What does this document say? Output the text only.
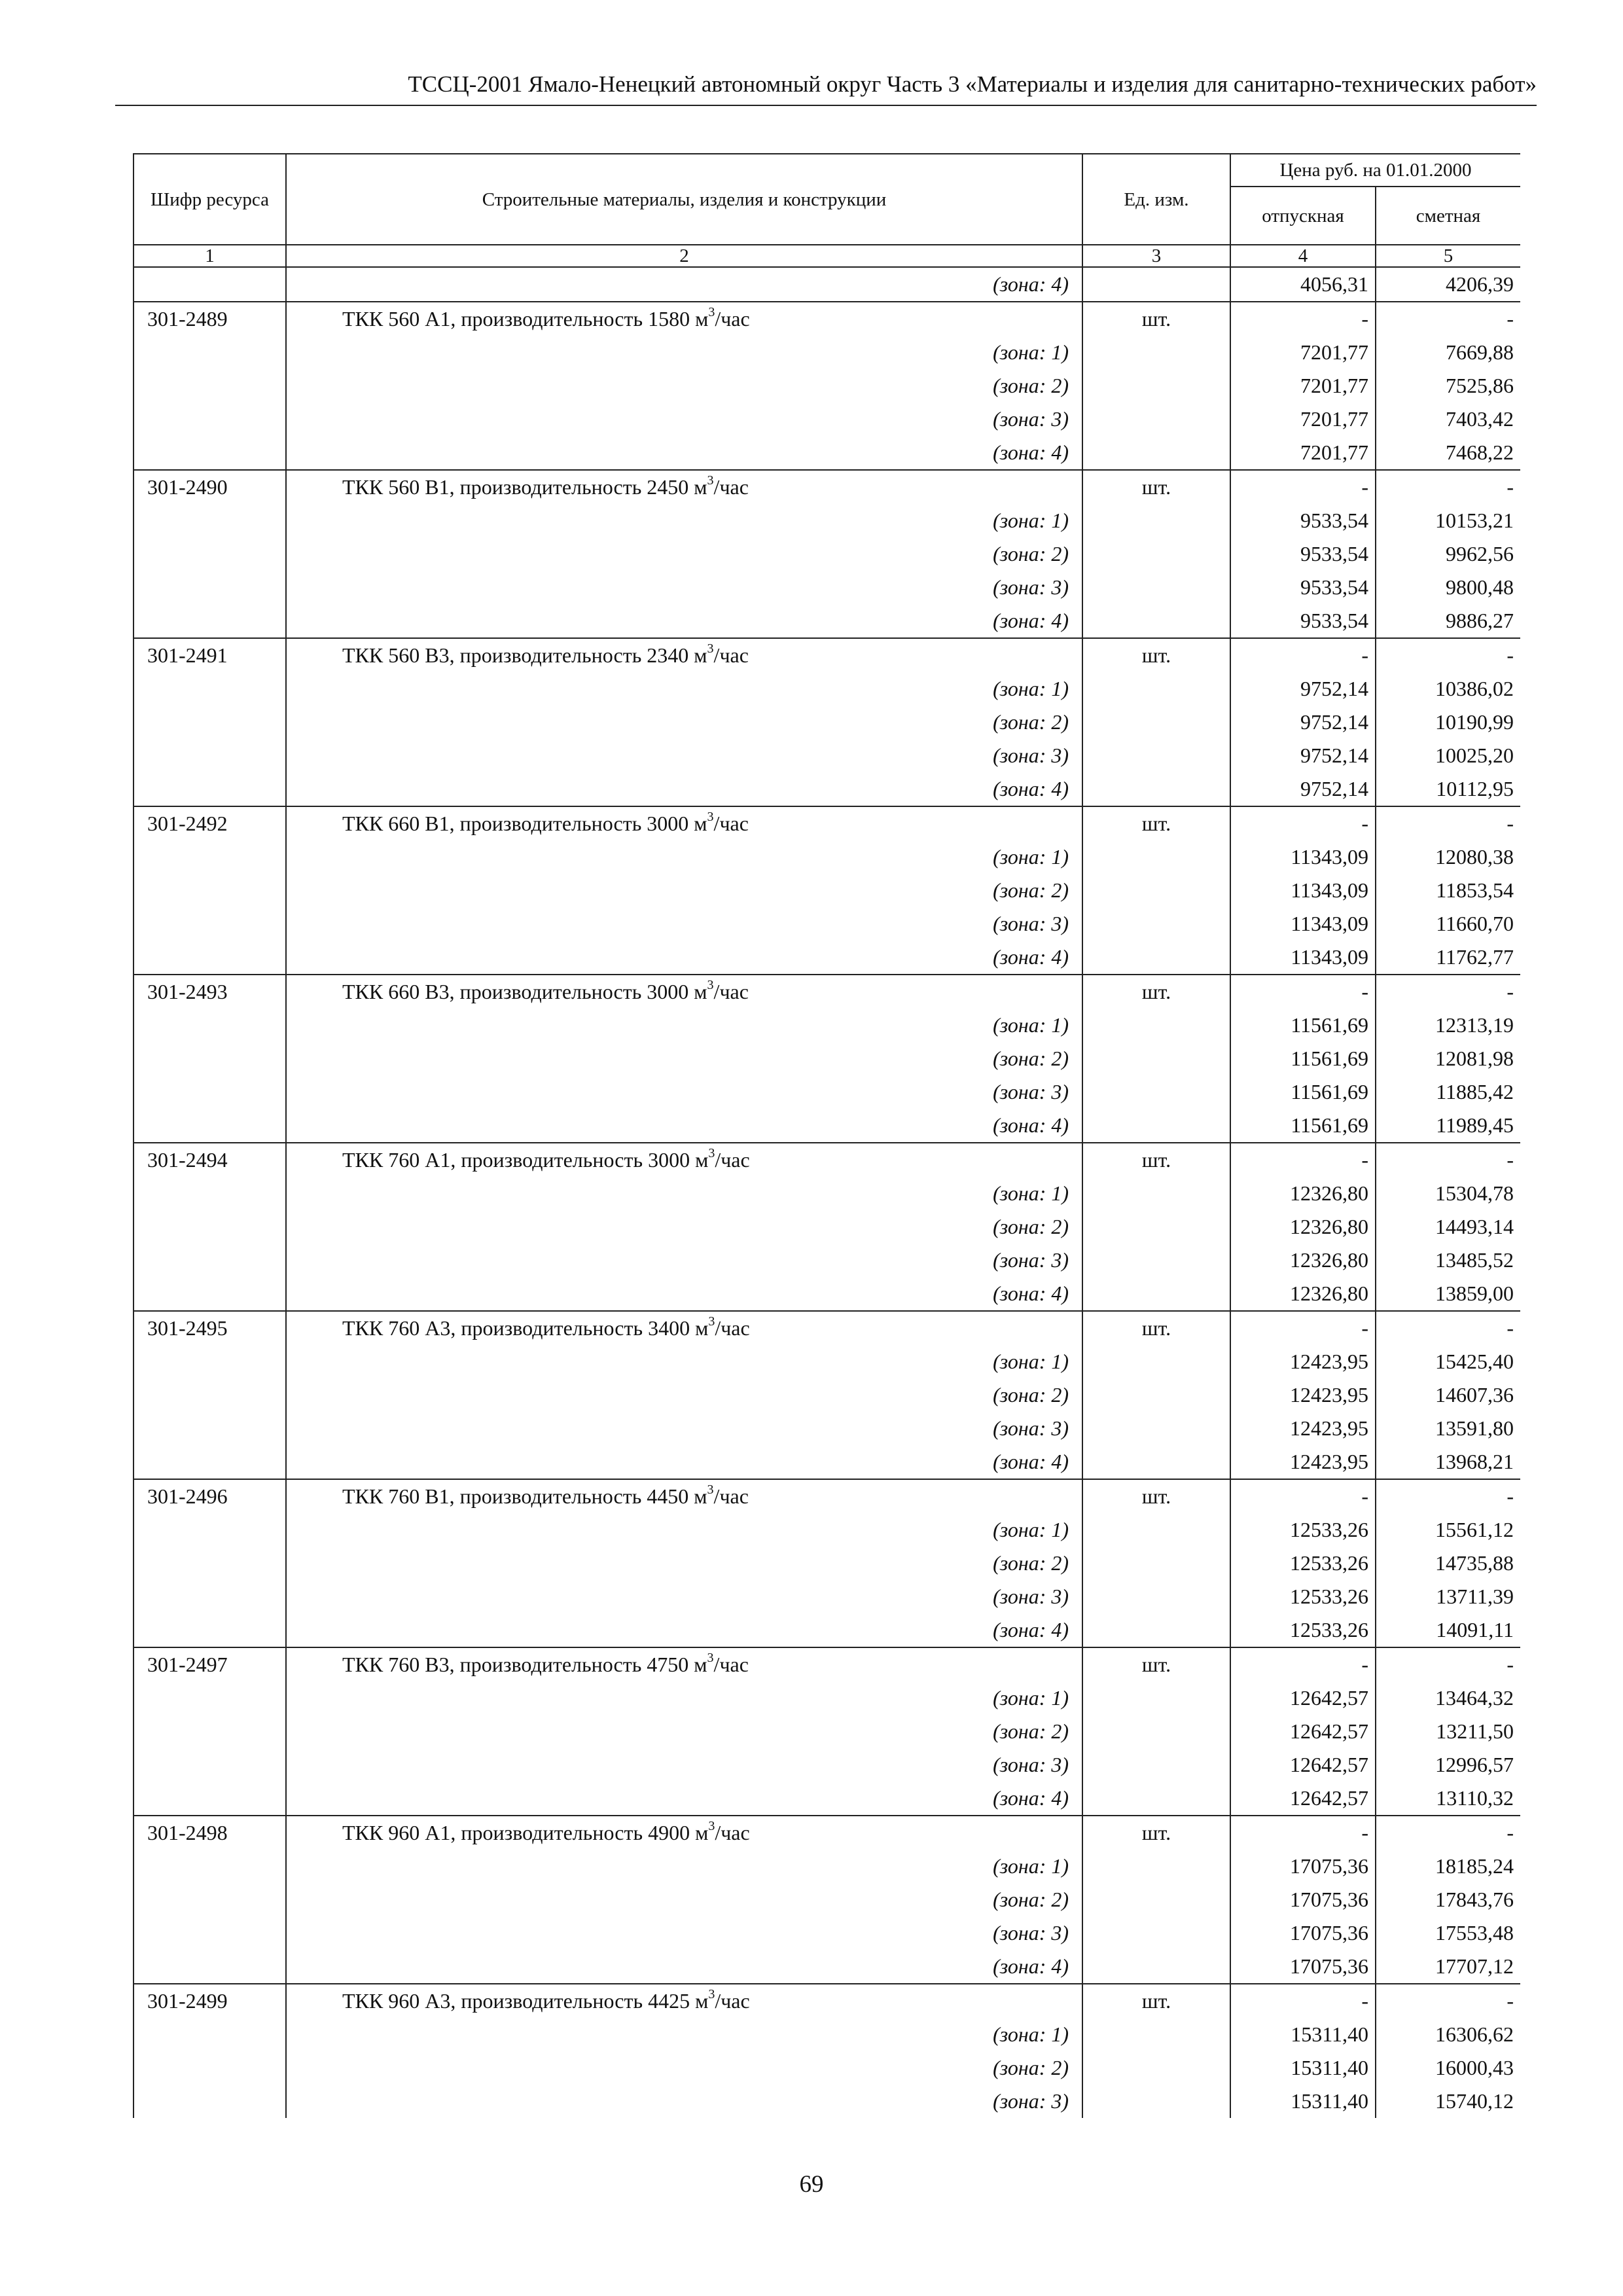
ТССЦ-2001 Ямало-Ненецкий автономный округ Часть 3 «Материалы и изделия для санитарно-технических работ»
Шифр ресурса	Строительные материалы, изделия и конструкции	Ед. изм.	Цена руб. на 01.01.2000	
			отпускная	сметная
1	2	3	4	5
	(зона: 4)		4056,31	4206,39
301-2489	ТКК 560 А1, производительность 1580 $м^3$/час	шт.	-	-
	(зона: 1)		7201,77	7669,88
	(зона: 2)		7201,77	7525,86
	(зона: 3)		7201,77	7403,42
	(зона: 4)		7201,77	7468,22
301-2490	ТКК 560 В1, производительность 2450 $м^3$/час	шт.	-	-
	(зона: 1)		9533,54	10153,21
	(зона: 2)		9533,54	9962,56
	(зона: 3)		9533,54	9800,48
	(зона: 4)		9533,54	9886,27
301-2491	ТКК 560 В3, производительность 2340 $м^3$/час	шт.	-	-
	(зона: 1)		9752,14	10386,02
	(зона: 2)		9752,14	10190,99
	(зона: 3)		9752,14	10025,20
	(зона: 4)		9752,14	10112,95
301-2492	ТКК 660 В1, производительность 3000 $м^3$/час	шт.	-	-
	(зона: 1)		11343,09	12080,38
	(зона: 2)		11343,09	11853,54
	(зона: 3)		11343,09	11660,70
	(зона: 4)		11343,09	11762,77
301-2493	ТКК 660 В3, производительность 3000 $м^3$/час	шт.	-	-
	(зона: 1)		11561,69	12313,19
	(зона: 2)		11561,69	12081,98
	(зона: 3)		11561,69	11885,42
	(зона: 4)		11561,69	11989,45
301-2494	ТКК 760 А1, производительность 3000 $м^3$/час	шт.	-	-
	(зона: 1)		12326,80	15304,78
	(зона: 2)		12326,80	14493,14
	(зона: 3)		12326,80	13485,52
	(зона: 4)		12326,80	13859,00
301-2495	ТКК 760 А3, производительность 3400 $м^3$/час	шт.	-	-
	(зона: 1)		12423,95	15425,40
	(зона: 2)		12423,95	14607,36
	(зона: 3)		12423,95	13591,80
	(зона: 4)		12423,95	13968,21
301-2496	ТКК 760 В1, производительность 4450 $м^3$/час	шт.	-	-
	(зона: 1)		12533,26	15561,12
	(зона: 2)		12533,26	14735,88
	(зона: 3)		12533,26	13711,39
	(зона: 4)		12533,26	14091,11
301-2497	ТКК 760 В3, производительность 4750 $м^3$/час	шт.	-	-
	(зона: 1)		12642,57	13464,32
	(зона: 2)		12642,57	13211,50
	(зона: 3)		12642,57	12996,57
	(зона: 4)		12642,57	13110,32
301-2498	ТКК 960 А1, производительность 4900 $м^3$/час	шт.	-	-
	(зона: 1)		17075,36	18185,24
	(зона: 2)		17075,36	17843,76
	(зона: 3)		17075,36	17553,48
	(зона: 4)		17075,36	17707,12
301-2499	ТКК 960 А3, производительность 4425 $м^3$/час	шт.	-	-
	(зона: 1)		15311,40	16306,62
	(зона: 2)		15311,40	16000,43
	(зона: 3)		15311,40	15740,12
69
